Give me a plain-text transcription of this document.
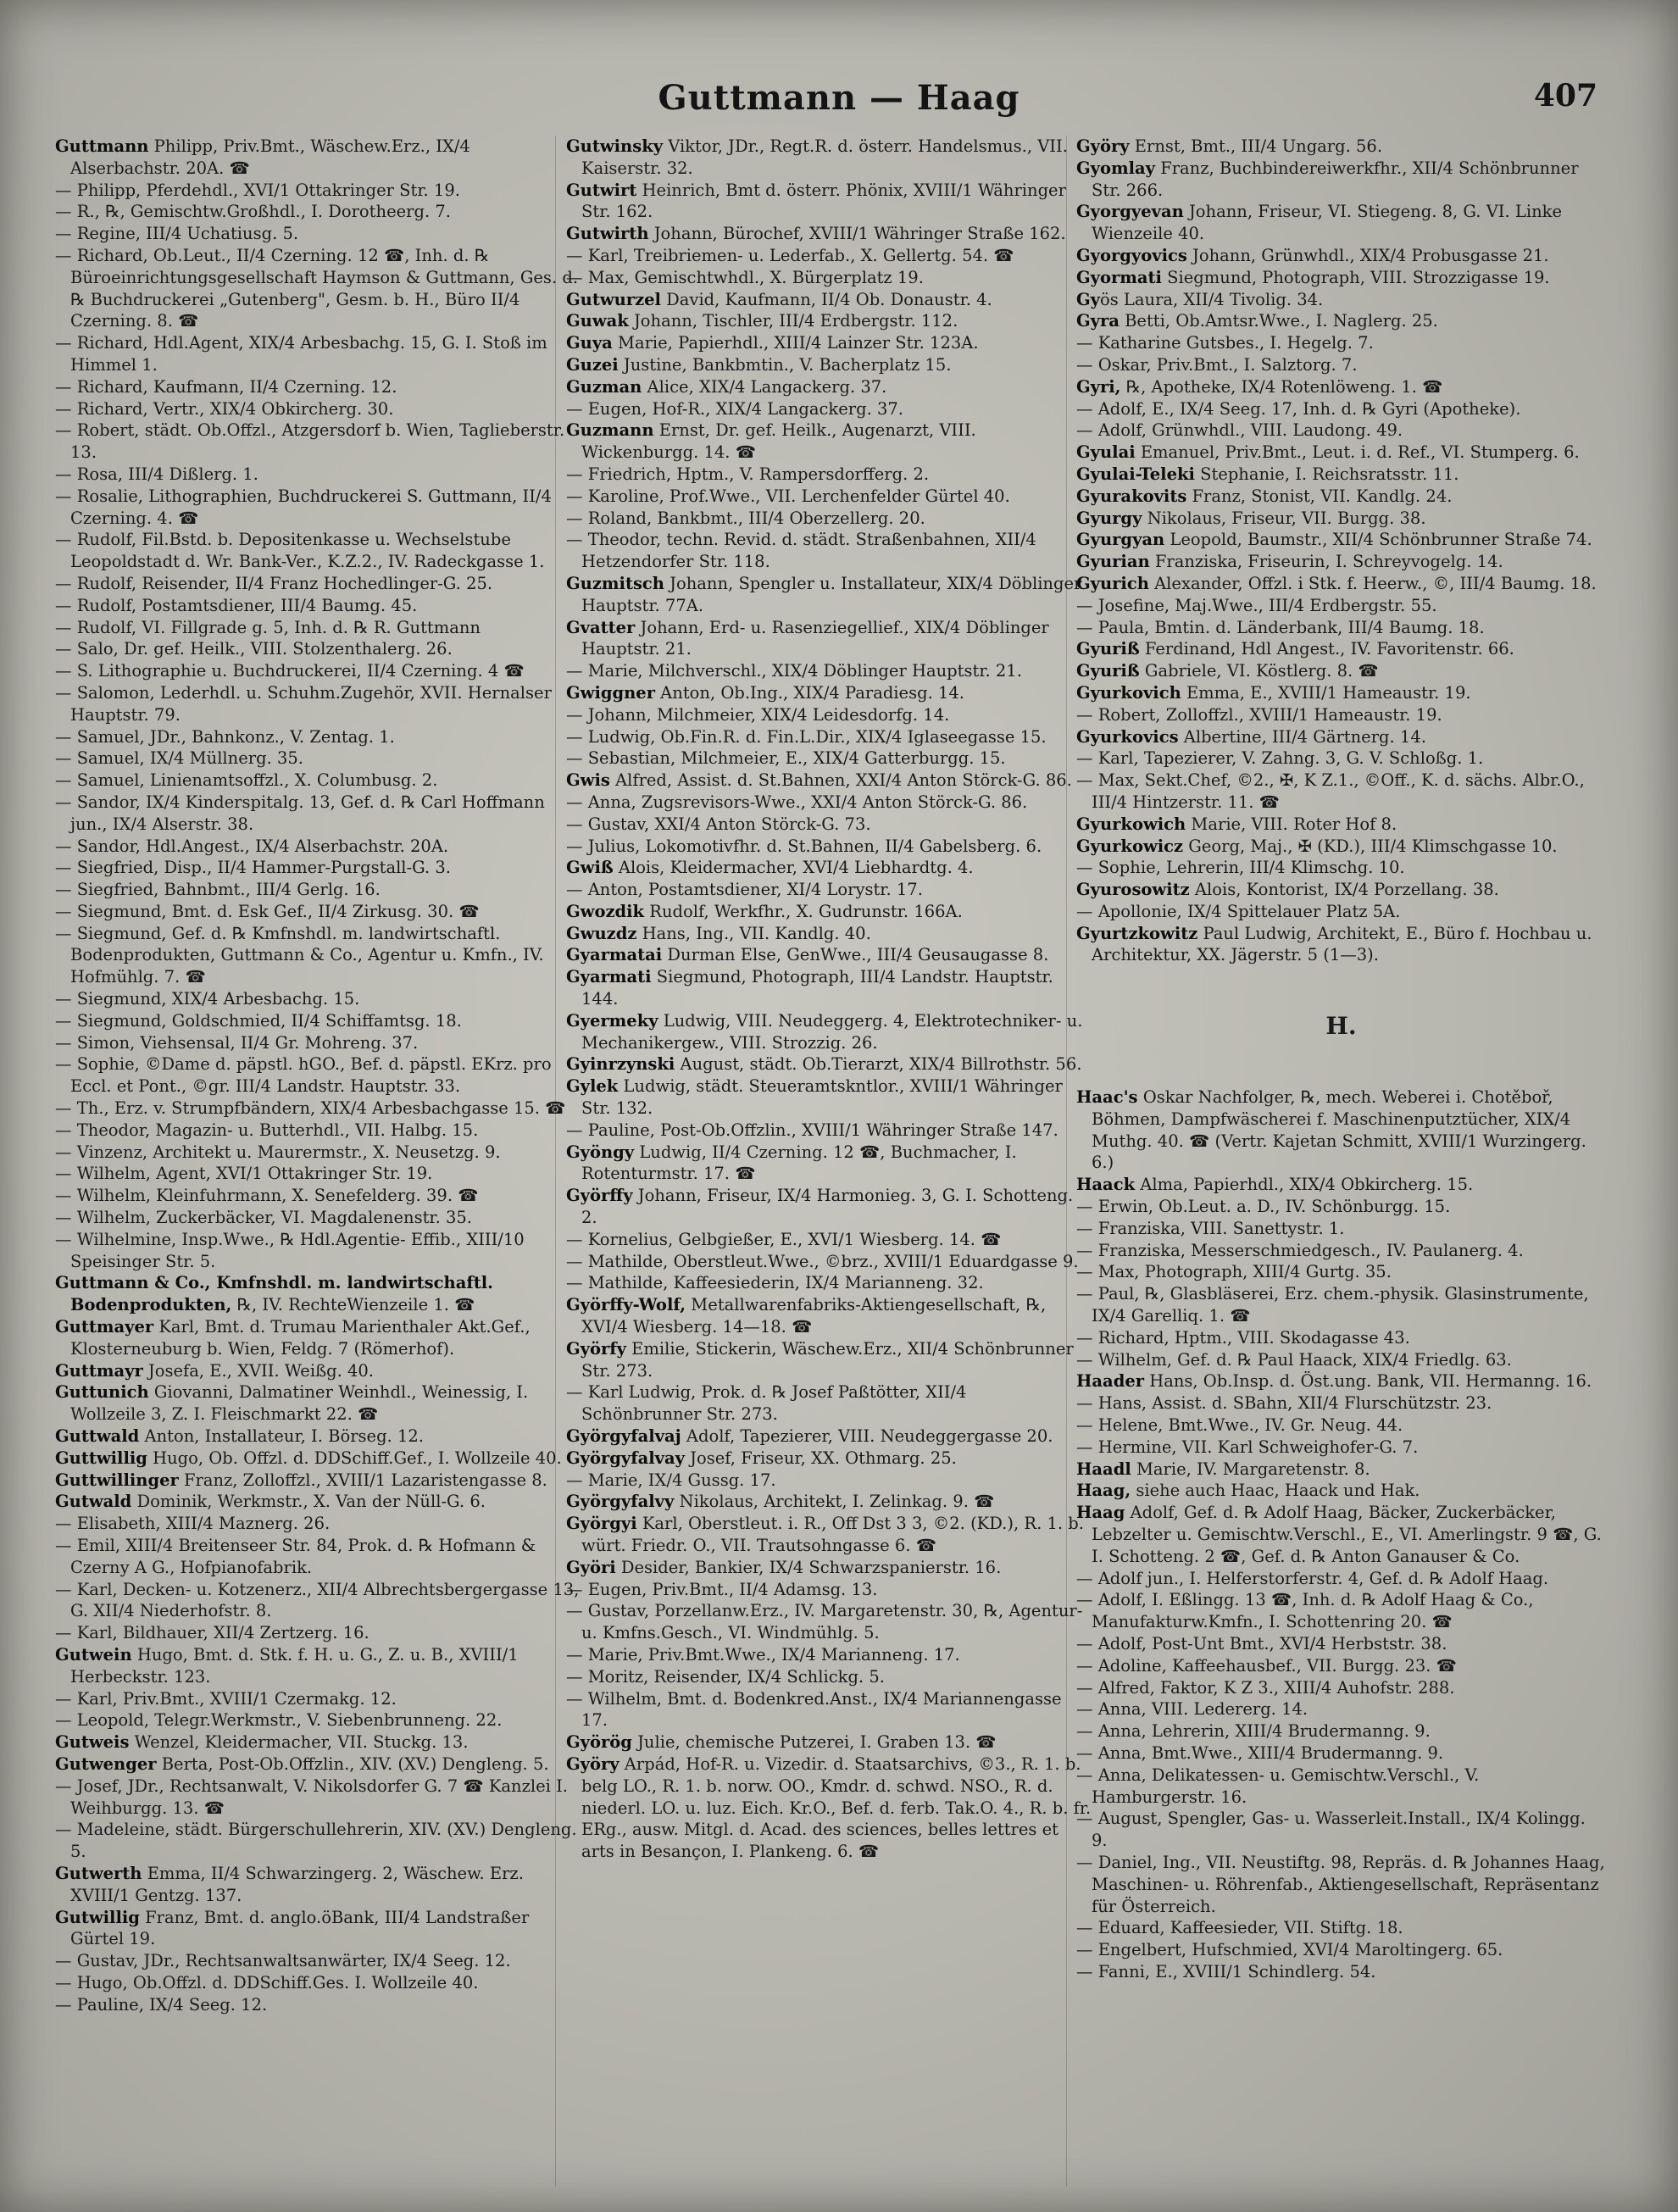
Guttmann — Haag	407

Guttmann Philipp, Priv.Bmt., Wäschew.Erz., IX/4 Alserbachstr. 20A. ☎

— Philipp, Pferdehdl., XVI/1 Ottakringer Str. 19.

— R., ℞, Gemischtw.Großhdl., I. Dorotheerg. 7.

— Regine, III/4 Uchatiusg. 5.

— Richard, Ob.Leut., II/4 Czerning. 12 ☎, Inh. d. ℞ Büroeinrichtungsgesellschaft Haymson & Guttmann, Ges. d. ℞ Buchdruckerei „Gutenberg", Gesm. b. H., Büro II/4 Czerning. 8. ☎

— Richard, Hdl.Agent, XIX/4 Arbesbachg. 15, G. I. Stoß im Himmel 1.

— Richard, Kaufmann, II/4 Czerning. 12.

— Richard, Vertr., XIX/4 Obkircherg. 30.

— Robert, städt. Ob.Offzl., Atzgersdorf b. Wien, Taglieberstr. 13.

— Rosa, III/4 Dißlerg. 1.

— Rosalie, Lithographien, Buchdruckerei S. Guttmann, II/4 Czerning. 4. ☎

— Rudolf, Fil.Bstd. b. Depositenkasse u. Wechselstube Leopoldstadt d. Wr. Bank-Ver., K.Z.2., IV. Radeckgasse 1.

— Rudolf, Reisender, II/4 Franz Hochedlinger-G. 25.

— Rudolf, Postamtsdiener, III/4 Baumg. 45.

— Rudolf, VI. Fillgrade g. 5, Inh. d. ℞ R. Guttmann

— Salo, Dr. gef. Heilk., VIII. Stolzenthalerg. 26.

— S. Lithographie u. Buchdruckerei, II/4 Czerning. 4 ☎

— Salomon, Lederhdl. u. Schuhm.Zugehör, XVII. Hernalser Hauptstr. 79.

— Samuel, JDr., Bahnkonz., V. Zentag. 1.

— Samuel, IX/4 Müllnerg. 35.

— Samuel, Linienamtsoffzl., X. Columbusg. 2.

— Sandor, IX/4 Kinderspitalg. 13, Gef. d. ℞ Carl Hoffmann jun., IX/4 Alserstr. 38.

— Sandor, Hdl.Angest., IX/4 Alserbachstr. 20A.

— Siegfried, Disp., II/4 Hammer-Purgstall-G. 3.

— Siegfried, Bahnbmt., III/4 Gerlg. 16.

— Siegmund, Bmt. d. Esk Gef., II/4 Zirkusg. 30. ☎

— Siegmund, Gef. d. ℞ Kmfnshdl. m. landwirtschaftl. Bodenprodukten, Guttmann & Co., Agentur u. Kmfn., IV. Hofmühlg. 7. ☎

— Siegmund, XIX/4 Arbesbachg. 15.

— Siegmund, Goldschmied, II/4 Schiffamtsg. 18.

— Simon, Viehsensal, II/4 Gr. Mohreng. 37.

— Sophie, ©Dame d. päpstl. hGO., Bef. d. päpstl. EKrz. pro Eccl. et Pont., ©gr. III/4 Landstr. Hauptstr. 33.

— Th., Erz. v. Strumpfbändern, XIX/4 Arbesbachgasse 15. ☎

— Theodor, Magazin- u. Butterhdl., VII. Halbg. 15.

— Vinzenz, Architekt u. Maurermstr., X. Neusetzg. 9.

— Wilhelm, Agent, XVI/1 Ottakringer Str. 19.

— Wilhelm, Kleinfuhrmann, X. Senefelderg. 39. ☎

— Wilhelm, Zuckerbäcker, VI. Magdalenenstr. 35.

— Wilhelmine, Insp.Wwe., ℞ Hdl.Agentie- Effib., XIII/10 Speisinger Str. 5.

Guttmann & Co., Kmfnshdl. m. landwirtschaftl. Bodenprodukten, ℞, IV. RechteWienzeile 1. ☎

Guttmayer Karl, Bmt. d. Trumau Marienthaler Akt.Gef., Klosterneuburg b. Wien, Feldg. 7 (Römerhof).

Guttmayr Josefa, E., XVII. Weißg. 40.

Guttunich Giovanni, Dalmatiner Weinhdl., Weinessig, I. Wollzeile 3, Z. I. Fleischmarkt 22. ☎

Guttwald Anton, Installateur, I. Börseg. 12.

Guttwillig Hugo, Ob. Offzl. d. DDSchiff.Gef., I. Wollzeile 40.

Guttwillinger Franz, Zolloffzl., XVIII/1 Lazaristengasse 8.

Gutwald Dominik, Werkmstr., X. Van der Nüll-G. 6.

— Elisabeth, XIII/4 Maznerg. 26.

— Emil, XIII/4 Breitenseer Str. 84, Prok. d. ℞ Hofmann & Czerny A G., Hofpianofabrik.

— Karl, Decken- u. Kotzenerz., XII/4 Albrechtsbergergasse 13, G. XII/4 Niederhofstr. 8.

— Karl, Bildhauer, XII/4 Zertzerg. 16.

Gutwein Hugo, Bmt. d. Stk. f. H. u. G., Z. u. B., XVIII/1 Herbeckstr. 123.

— Karl, Priv.Bmt., XVIII/1 Czermakg. 12.

— Leopold, Telegr.Werkmstr., V. Siebenbrunneng. 22.

Gutweis Wenzel, Kleidermacher, VII. Stuckg. 13.

Gutwenger Berta, Post-Ob.Offzlin., XIV. (XV.) Dengleng. 5.

— Josef, JDr., Rechtsanwalt, V. Nikolsdorfer G. 7 ☎ Kanzlei I. Weihburgg. 13. ☎

— Madeleine, städt. Bürgerschullehrerin, XIV. (XV.) Dengleng. 5.

Gutwerth Emma, II/4 Schwarzingerg. 2, Wäschew. Erz. XVIII/1 Gentzg. 137.

Gutwillig Franz, Bmt. d. anglo.öBank, III/4 Landstraßer Gürtel 19.

— Gustav, JDr., Rechtsanwaltsanwärter, IX/4 Seeg. 12.

— Hugo, Ob.Offzl. d. DDSchiff.Ges. I. Wollzeile 40.

— Pauline, IX/4 Seeg. 12.

Gutwinsky Viktor, JDr., Regt.R. d. österr. Handelsmus., VII. Kaiserstr. 32.

Gutwirt Heinrich, Bmt d. österr. Phönix, XVIII/1 Währinger Str. 162.

Gutwirth Johann, Bürochef, XVIII/1 Währinger Straße 162.

— Karl, Treibriemen- u. Lederfab., X. Gellertg. 54. ☎

— Max, Gemischtwhdl., X. Bürgerplatz 19.

Gutwurzel David, Kaufmann, II/4 Ob. Donaustr. 4.

Guwak Johann, Tischler, III/4 Erdbergstr. 112.

Guya Marie, Papierhdl., XIII/4 Lainzer Str. 123A.

Guzei Justine, Bankbmtin., V. Bacherplatz 15.

Guzman Alice, XIX/4 Langackerg. 37.

— Eugen, Hof-R., XIX/4 Langackerg. 37.

Guzmann Ernst, Dr. gef. Heilk., Augenarzt, VIII. Wickenburgg. 14. ☎

— Friedrich, Hptm., V. Rampersdorfferg. 2.

— Karoline, Prof.Wwe., VII. Lerchenfelder Gürtel 40.

— Roland, Bankbmt., III/4 Oberzellerg. 20.

— Theodor, techn. Revid. d. städt. Straßenbahnen, XII/4 Hetzendorfer Str. 118.

Guzmitsch Johann, Spengler u. Installateur, XIX/4 Döblinger Hauptstr. 77A.

Gvatter Johann, Erd- u. Rasenziegellief., XIX/4 Döblinger Hauptstr. 21.

— Marie, Milchverschl., XIX/4 Döblinger Hauptstr. 21.

Gwiggner Anton, Ob.Ing., XIX/4 Paradiesg. 14.

— Johann, Milchmeier, XIX/4 Leidesdorfg. 14.

— Ludwig, Ob.Fin.R. d. Fin.L.Dir., XIX/4 Iglaseegasse 15.

— Sebastian, Milchmeier, E., XIX/4 Gatterburgg. 15.

Gwis Alfred, Assist. d. St.Bahnen, XXI/4 Anton Störck-G. 86.

— Anna, Zugsrevisors-Wwe., XXI/4 Anton Störck-G. 86.

— Gustav, XXI/4 Anton Störck-G. 73.

— Julius, Lokomotivfhr. d. St.Bahnen, II/4 Gabelsberg. 6.

Gwiß Alois, Kleidermacher, XVI/4 Liebhardtg. 4.

— Anton, Postamtsdiener, XI/4 Lorystr. 17.

Gwozdik Rudolf, Werkfhr., X. Gudrunstr. 166A.

Gwuzdz Hans, Ing., VII. Kandlg. 40.

Gyarmatai Durman Else, GenWwe., III/4 Geusaugasse 8.

Gyarmati Siegmund, Photograph, III/4 Landstr. Hauptstr. 144.

Gyermeky Ludwig, VIII. Neudeggerg. 4, Elektrotechniker- u. Mechanikergew., VIII. Strozzig. 26.

Gyinrzynski August, städt. Ob.Tierarzt, XIX/4 Billrothstr. 56.

Gylek Ludwig, städt. Steueramtskntlor., XVIII/1 Währinger Str. 132.

— Pauline, Post-Ob.Offzlin., XVIII/1 Währinger Straße 147.

Gyöngy Ludwig, II/4 Czerning. 12 ☎, Buchmacher, I. Rotenturmstr. 17. ☎

Györffy Johann, Friseur, IX/4 Harmonieg. 3, G. I. Schotteng. 2.

— Kornelius, Gelbgießer, E., XVI/1 Wiesberg. 14. ☎

— Mathilde, Oberstleut.Wwe., ©brz., XVIII/1 Eduardgasse 9.

— Mathilde, Kaffeesiederin, IX/4 Marianneng. 32.

Györffy-Wolf, Metallwarenfabriks-Aktiengesellschaft, ℞, XVI/4 Wiesberg. 14—18. ☎

Györfy Emilie, Stickerin, Wäschew.Erz., XII/4 Schönbrunner Str. 273.

— Karl Ludwig, Prok. d. ℞ Josef Paßtötter, XII/4 Schönbrunner Str. 273.

Györgyfalvaj Adolf, Tapezierer, VIII. Neudeggergasse 20.

Györgyfalvay Josef, Friseur, XX. Othmarg. 25.

— Marie, IX/4 Gussg. 17.

Györgyfalvy Nikolaus, Architekt, I. Zelinkag. 9. ☎

Györgyi Karl, Oberstleut. i. R., Off Dst 3 3, ©2. (KD.), R. 1. b. würt. Friedr. O., VII. Trautsohngasse 6. ☎

Györi Desider, Bankier, IX/4 Schwarzspanierstr. 16.

— Eugen, Priv.Bmt., II/4 Adamsg. 13.

— Gustav, Porzellanw.Erz., IV. Margaretenstr. 30, ℞, Agentur- u. Kmfns.Gesch., VI. Windmühlg. 5.

— Marie, Priv.Bmt.Wwe., IX/4 Marianneng. 17.

— Moritz, Reisender, IX/4 Schlickg. 5.

— Wilhelm, Bmt. d. Bodenkred.Anst., IX/4 Mariannengasse 17.

Györög Julie, chemische Putzerei, I. Graben 13. ☎

Györy Arpád, Hof-R. u. Vizedir. d. Staatsarchivs, ©3., R. 1. b. belg LO., R. 1. b. norw. OO., Kmdr. d. schwd. NSO., R. d. niederl. LO. u. luz. Eich. Kr.O., Bef. d. ferb. Tak.O. 4., R. b. fr. ERg., ausw. Mitgl. d. Acad. des sciences, belles lettres et arts in Besançon, I. Plankeng. 6. ☎

Györy Ernst, Bmt., III/4 Ungarg. 56.

Gyomlay Franz, Buchbindereiwerkfhr., XII/4 Schönbrunner Str. 266.

Gyorgyevan Johann, Friseur, VI. Stiegeng. 8, G. VI. Linke Wienzeile 40.

Gyorgyovics Johann, Grünwhdl., XIX/4 Probusgasse 21.

Gyormati Siegmund, Photograph, VIII. Strozzigasse 19.

Gyös Laura, XII/4 Tivolig. 34.

Gyra Betti, Ob.Amtsr.Wwe., I. Naglerg. 25.

— Katharine Gutsbes., I. Hegelg. 7.

— Oskar, Priv.Bmt., I. Salztorg. 7.

Gyri, ℞, Apotheke, IX/4 Rotenlöweng. 1. ☎

— Adolf, E., IX/4 Seeg. 17, Inh. d. ℞ Gyri (Apotheke).

— Adolf, Grünwhdl., VIII. Laudong. 49.

Gyulai Emanuel, Priv.Bmt., Leut. i. d. Ref., VI. Stumperg. 6.

Gyulai-Teleki Stephanie, I. Reichsratsstr. 11.

Gyurakovits Franz, Stonist, VII. Kandlg. 24.

Gyurgy Nikolaus, Friseur, VII. Burgg. 38.

Gyurgyan Leopold, Baumstr., XII/4 Schönbrunner Straße 74.

Gyurian Franziska, Friseurin, I. Schreyvogelg. 14.

Gyurich Alexander, Offzl. i Stk. f. Heerw., ©, III/4 Baumg. 18.

— Josefine, Maj.Wwe., III/4 Erdbergstr. 55.

— Paula, Bmtin. d. Länderbank, III/4 Baumg. 18.

Gyuriß Ferdinand, Hdl Angest., IV. Favoritenstr. 66.

Gyuriß Gabriele, VI. Köstlerg. 8. ☎

Gyurkovich Emma, E., XVIII/1 Hameaustr. 19.

— Robert, Zolloffzl., XVIII/1 Hameaustr. 19.

Gyurkovics Albertine, III/4 Gärtnerg. 14.

— Karl, Tapezierer, V. Zahng. 3, G. V. Schloßg. 1.

— Max, Sekt.Chef, ©2., ✠, K Z.1., ©Off., K. d. sächs. Albr.O., III/4 Hintzerstr. 11. ☎

Gyurkowich Marie, VIII. Roter Hof 8.

Gyurkowicz Georg, Maj., ✠ (KD.), III/4 Klimschgasse 10.

— Sophie, Lehrerin, III/4 Klimschg. 10.

Gyurosowitz Alois, Kontorist, IX/4 Porzellang. 38.

— Apollonie, IX/4 Spittelauer Platz 5A.

Gyurtzkowitz Paul Ludwig, Architekt, E., Büro f. Hochbau u. Architektur, XX. Jägerstr. 5 (1—3).

H.

Haac's Oskar Nachfolger, ℞, mech. Weberei i. Chotěboř, Böhmen, Dampfwäscherei f. Maschinenputztücher, XIX/4 Muthg. 40. ☎ (Vertr. Kajetan Schmitt, XVIII/1 Wurzingerg. 6.)

Haack Alma, Papierhdl., XIX/4 Obkircherg. 15.

— Erwin, Ob.Leut. a. D., IV. Schönburgg. 15.

— Franziska, VIII. Sanettystr. 1.

— Franziska, Messerschmiedgesch., IV. Paulanerg. 4.

— Max, Photograph, XIII/4 Gurtg. 35.

— Paul, ℞, Glasbläserei, Erz. chem.-physik. Glasinstrumente, IX/4 Garelliq. 1. ☎

— Richard, Hptm., VIII. Skodagasse 43.

— Wilhelm, Gef. d. ℞ Paul Haack, XIX/4 Friedlg. 63.

Haader Hans, Ob.Insp. d. Öst.ung. Bank, VII. Hermanng. 16.

— Hans, Assist. d. SBahn, XII/4 Flurschützstr. 23.

— Helene, Bmt.Wwe., IV. Gr. Neug. 44.

— Hermine, VII. Karl Schweighofer-G. 7.

Haadl Marie, IV. Margaretenstr. 8.

Haag, siehe auch Haac, Haack und Hak.

Haag Adolf, Gef. d. ℞ Adolf Haag, Bäcker, Zuckerbäcker, Lebzelter u. Gemischtw.Verschl., E., VI. Amerlingstr. 9 ☎, G. I. Schotteng. 2 ☎, Gef. d. ℞ Anton Ganauser & Co.

— Adolf jun., I. Helferstorferstr. 4, Gef. d. ℞ Adolf Haag.

— Adolf, I. Eßlingg. 13 ☎, Inh. d. ℞ Adolf Haag & Co., Manufakturw.Kmfn., I. Schottenring 20. ☎

— Adolf, Post-Unt Bmt., XVI/4 Herbststr. 38.

— Adoline, Kaffeehausbef., VII. Burgg. 23. ☎

— Alfred, Faktor, K Z 3., XIII/4 Auhofstr. 288.

— Anna, VIII. Ledererg. 14.

— Anna, Lehrerin, XIII/4 Brudermanng. 9.

— Anna, Bmt.Wwe., XIII/4 Brudermanng. 9.

— Anna, Delikatessen- u. Gemischtw.Verschl., V. Hamburgerstr. 16.

— August, Spengler, Gas- u. Wasserleit.Install., IX/4 Kolingg. 9.

— Daniel, Ing., VII. Neustiftg. 98, Repräs. d. ℞ Johannes Haag, Maschinen- u. Röhrenfab., Aktiengesellschaft, Repräsentanz für Österreich.

— Eduard, Kaffeesieder, VII. Stiftg. 18.

— Engelbert, Hufschmied, XVI/4 Maroltingerg. 65.

— Fanni, E., XVIII/1 Schindlerg. 54.
